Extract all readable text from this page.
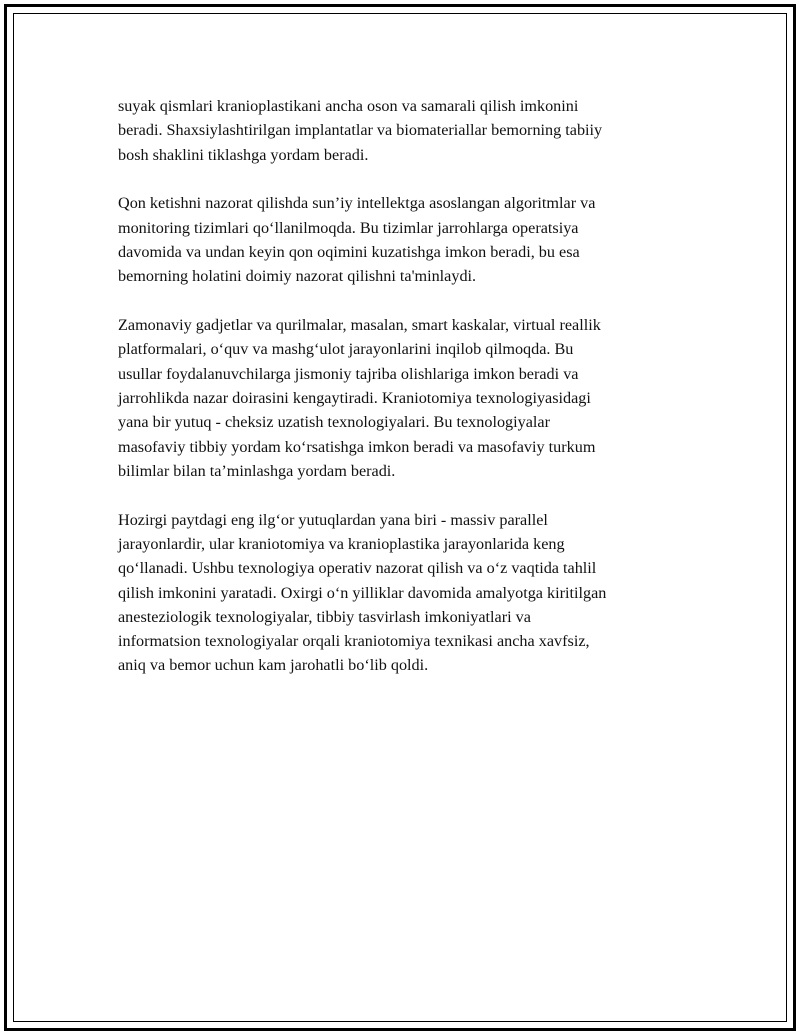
suyak qismlari kranioplastikani ancha oson va samarali qilish imkonini
beradi. Shaxsiylashtirilgan implantatlar va biomateriallar bemorning tabiiy
bosh shaklini tiklashga yordam beradi.

Qon ketishni nazorat qilishda sun’iy intellektga asoslangan algoritmlar va
monitoring tizimlari qo‘llanilmoqda. Bu tizimlar jarrohlarga operatsiya
davomida va undan keyin qon oqimini kuzatishga imkon beradi, bu esa
bemorning holatini doimiy nazorat qilishni ta'minlaydi.

Zamonaviy gadjetlar va qurilmalar, masalan, smart kaskalar, virtual reallik
platformalari, o‘quv va mashg‘ulot jarayonlarini inqilob qilmoqda. Bu
usullar foydalanuvchilarga jismoniy tajriba olishlariga imkon beradi va
jarrohlikda nazar doirasini kengaytiradi. Kraniotomiya texnologiyasidagi
yana bir yutuq - cheksiz uzatish texnologiyalari. Bu texnologiyalar
masofaviy tibbiy yordam ko‘rsatishga imkon beradi va masofaviy turkum
bilimlar bilan ta’minlashga yordam beradi.

Hozirgi paytdagi eng ilg‘or yutuqlardan yana biri - massiv parallel
jarayonlardir, ular kraniotomiya va kranioplastika jarayonlarida keng
qo‘llanadi. Ushbu texnologiya operativ nazorat qilish va o‘z vaqtida tahlil
qilish imkonini yaratadi. Oxirgi o‘n yilliklar davomida amalyotga kiritilgan
anesteziologik texnologiyalar, tibbiy tasvirlash imkoniyatlari va
informatsion texnologiyalar orqali kraniotomiya texnikasi ancha xavfsiz,
aniq va bemor uchun kam jarohatli bo‘lib qoldi.
